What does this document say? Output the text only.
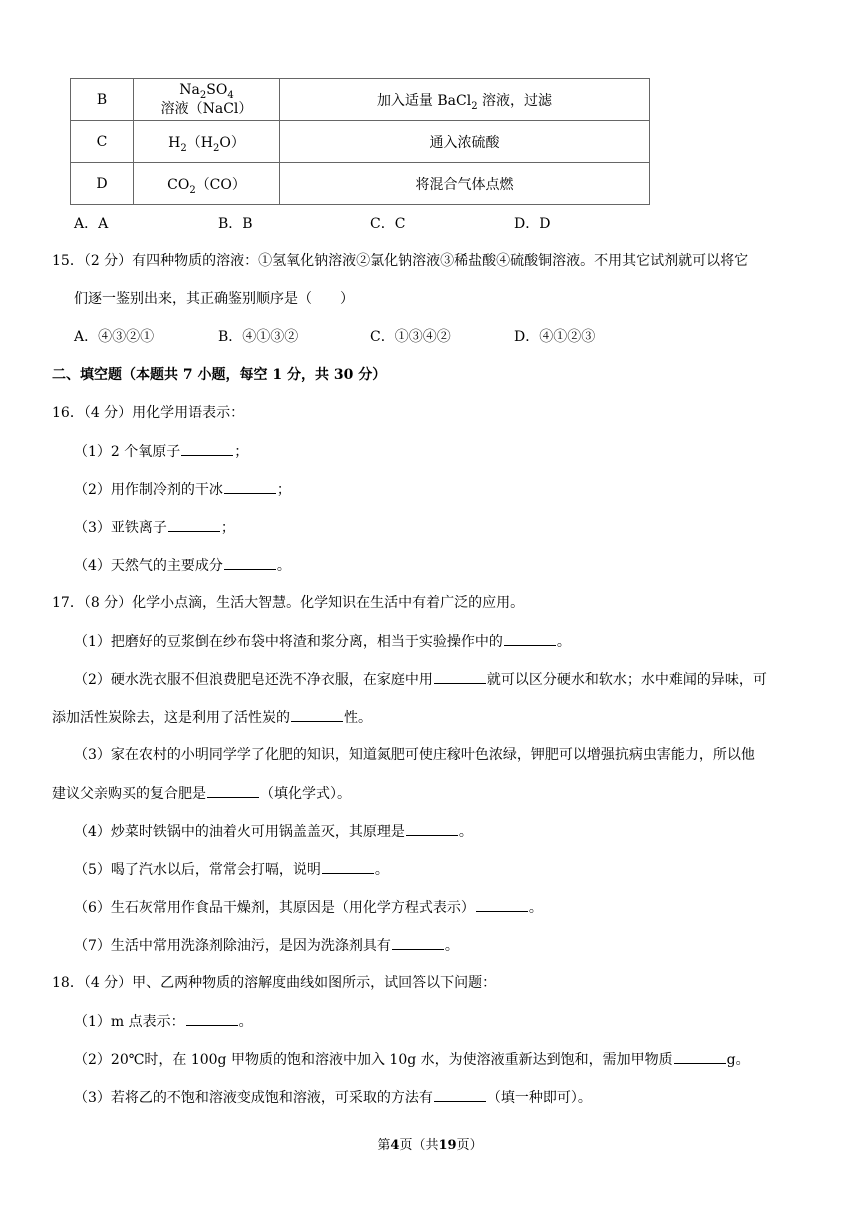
B	$Na_2SO_4$溶液（NaCl）	加入适量 BaCl$_2$ 溶液，过滤
C	$H_2(H_2O)$	通入浓硫酸
D	$CO_2(CO)$	将混合气体点燃
A．A	B．B	C．C	D．D
15．（2 分）有四种物质的溶液：①氢氧化钠溶液②氯化钠溶液③稀盐酸④硫酸铜溶液。不用其它试剂就可以将它
们逐一鉴别出来，其正确鉴别顺序是（　　）
A．④③②①	B．④①③②	C．①③④②	D．④①②③
二、填空题（本题共 7 小题，每空 1 分，共 30 分）
16．（4 分）用化学用语表示：
（1）2 个氧原子	；
（2）用作制冷剂的干冰	；
（3）亚铁离子	；
（4）天然气的主要成分	。
17．（8 分）化学小点滴，生活大智慧。化学知识在生活中有着广泛的应用。
（1）把磨好的豆浆倒在纱布袋中将渣和浆分离，相当于实验操作中的	。
（2）硬水洗衣服不但浪费肥皂还洗不净衣服，在家庭中用	就可以区分硬水和软水；水中难闻的异味，可
添加活性炭除去，这是利用了活性炭的	性。
（3）家在农村的小明同学学了化肥的知识，知道氮肥可使庄稼叶色浓绿，钾肥可以增强抗病虫害能力，所以他
建议父亲购买的复合肥是	（填化学式）。
（4）炒菜时铁锅中的油着火可用锅盖盖灭，其原理是	。
（5）喝了汽水以后，常常会打嗝，说明	。
（6）生石灰常用作食品干燥剂，其原因是（用化学方程式表示）	。
（7）生活中常用洗涤剂除油污，是因为洗涤剂具有	。
18．（4 分）甲、乙两种物质的溶解度曲线如图所示，试回答以下问题：
（1）m 点表示：	。
（2）20℃时，在 100g 甲物质的饱和溶液中加入 10g 水，为使溶液重新达到饱和，需加甲物质	g。
（3）若将乙的不饱和溶液变成饱和溶液，可采取的方法有	（填一种即可）。
第4页（共19页）
